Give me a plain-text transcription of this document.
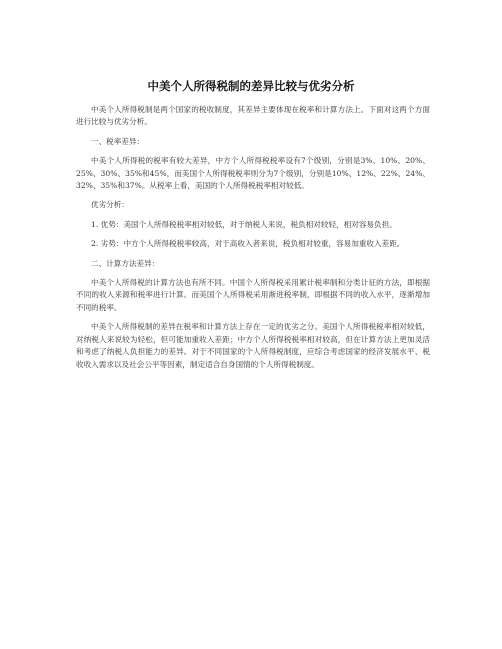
中美个人所得税制的差异比较与优劣分析

中美个人所得税制是两个国家的税收制度，其差异主要体现在税率和计算方法上。下面对这两个方面进行比较与优劣分析。

一、税率差异：

中美个人所得税的税率有较大差异，中方个人所得税税率设有7个级别，分别是3%、10%、20%、25%、30%、35%和45%，而美国个人所得税税率则分为7个级别，分别是10%、12%、22%、24%、32%、35%和37%。从税率上看，美国的个人所得税税率相对较低。

优劣分析：

1. 优势：美国个人所得税税率相对较低，对于纳税人来说，税负相对较轻，相对容易负担。

2. 劣势：中方个人所得税税率较高，对于高收入者来说，税负相对较重，容易加重收入差距。

二、计算方法差异：

中美个人所得税的计算方法也有所不同。中国个人所得税采用累计税率制和分类计征的方法，即根据不同的收入来源和税率进行计算。而美国个人所得税采用渐进税率制，即根据不同的收入水平，逐渐增加不同的税率。

中美个人所得税制的差异在税率和计算方法上存在一定的优劣之分。美国个人所得税税率相对较低，对纳税人来说较为轻松，但可能加重收入差距；中方个人所得税税率相对较高，但在计算方法上更加灵活和考虑了纳税人负担能力的差异。对于不同国家的个人所得税制度，应综合考虑国家的经济发展水平、税收收入需求以及社会公平等因素，制定适合自身国情的个人所得税制度。
